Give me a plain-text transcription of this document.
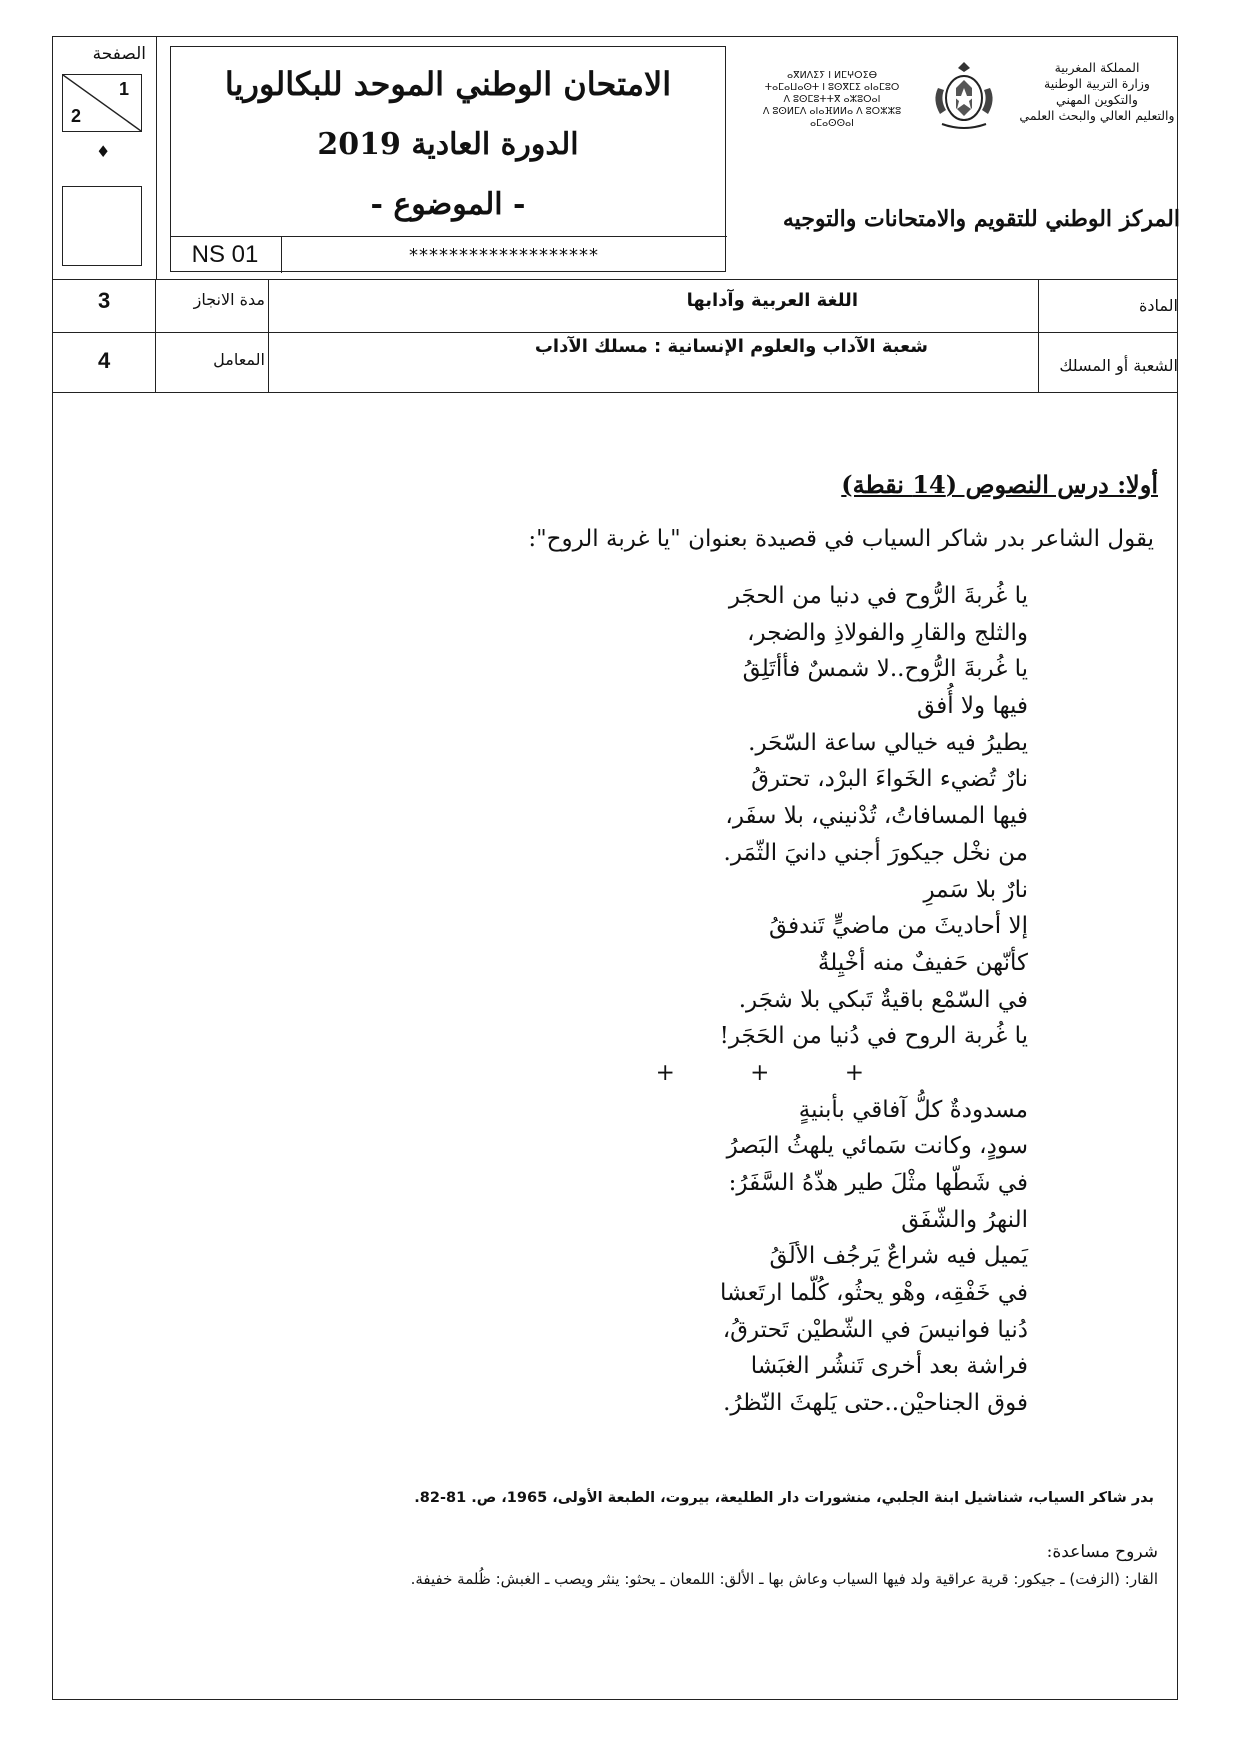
الصفحة
1
2
♦
الامتحان الوطني الموحد للبكالوريا
الدورة العادية 2019
- الموضوع -
NS 01	*******************
ⴰⴳⵍⴷⵉⵢ ⵏ ⵍⵎⵖⵔⵉⴱ
ⵜⴰⵎⴰⵡⴰⵙⵜ ⵏ ⵓⵙⴳⵎⵉ ⴰⵏⴰⵎⵓⵔ
ⴷ ⵓⵙⵎⵓⵜⵜⴳ ⴰⵣⵓⵔⴰⵏ
ⴷ ⵓⵙⵍⵎⴷ ⴰⵏⴰⴼⵍⵍⴰ ⴷ ⵓⵔⵣⵣⵓ ⴰⵎⴰⵙⵙⴰⵏ
المملكة المغربية
وزارة التربية الوطنية
والتكوين المهني
والتعليم العالي والبحث العلمي
المركز الوطني للتقويم والامتحانات والتوجيه
المادة
اللغة العربية وآدابها
الشعبة أو المسلك
شعبة الآداب والعلوم الإنسانية : مسلك الآداب
مدة الانجاز
3
المعامل
4
أولا: درس النصوص (14 نقطة)
يقول الشاعر بدر شاكر السياب في قصيدة بعنوان "يا غربة الروح":
يا غُربةَ الرُّوح في دنيا من الحجَر
والثلج والقارِ والفولاذِ والضجر،
يا غُربةَ الرُّوح..لا شمسٌ فأأتَلِقُ
فيها ولا أُفق
يطيرُ فيه خيالي ساعة السّحَر.
نارٌ تُضيء الخَواءَ البرْد، تحترقُ
فيها المسافاتُ، تُدْنيني، بلا سفَر،
من نخْل جيكورَ أجني دانيَ الثّمَر.
نارٌ بلا سَمرِ
إلا أحاديثَ من ماضيٍّ تَندفقُ
كأنّهن حَفيفٌ منه أخْيِلةٌ
في السّمْع باقيةٌ تَبكي بلا شجَر.
يا غُربة الروح في دُنيا من الحَجَر!
+ + +
مسدودةٌ كلُّ آفاقي بأبنيةٍ
سودٍ، وكانت سَمائي يلهثُ البَصرُ
في شَطّها مثْلَ طير هذّهُ السَّفَرُ:
النهرُ والشّفَق
يَميل فيه شراعٌ يَرجُف الألَقُ
في خَفْقِه، وهْو يحثُو، كُلّما ارتَعشا
دُنيا فوانيسَ في الشّطيْن تَحترقُ،
فراشة بعد أخرى تَنشُر الغبَشا
فوق الجناحيْن..حتى يَلهثَ النّظرُ.
بدر شاكر السياب، شناشيل ابنة الجلبي، منشورات دار الطليعة، بيروت، الطبعة الأولى، 1965، ص. 81-82.
شروح مساعدة:
القار: (الزفت) ـ جيكور: قرية عراقية ولد فيها السياب وعاش بها ـ الألق: اللمعان ـ يحثو: ينثر ويصب ـ الغبش: ظُلمة خفيفة.
